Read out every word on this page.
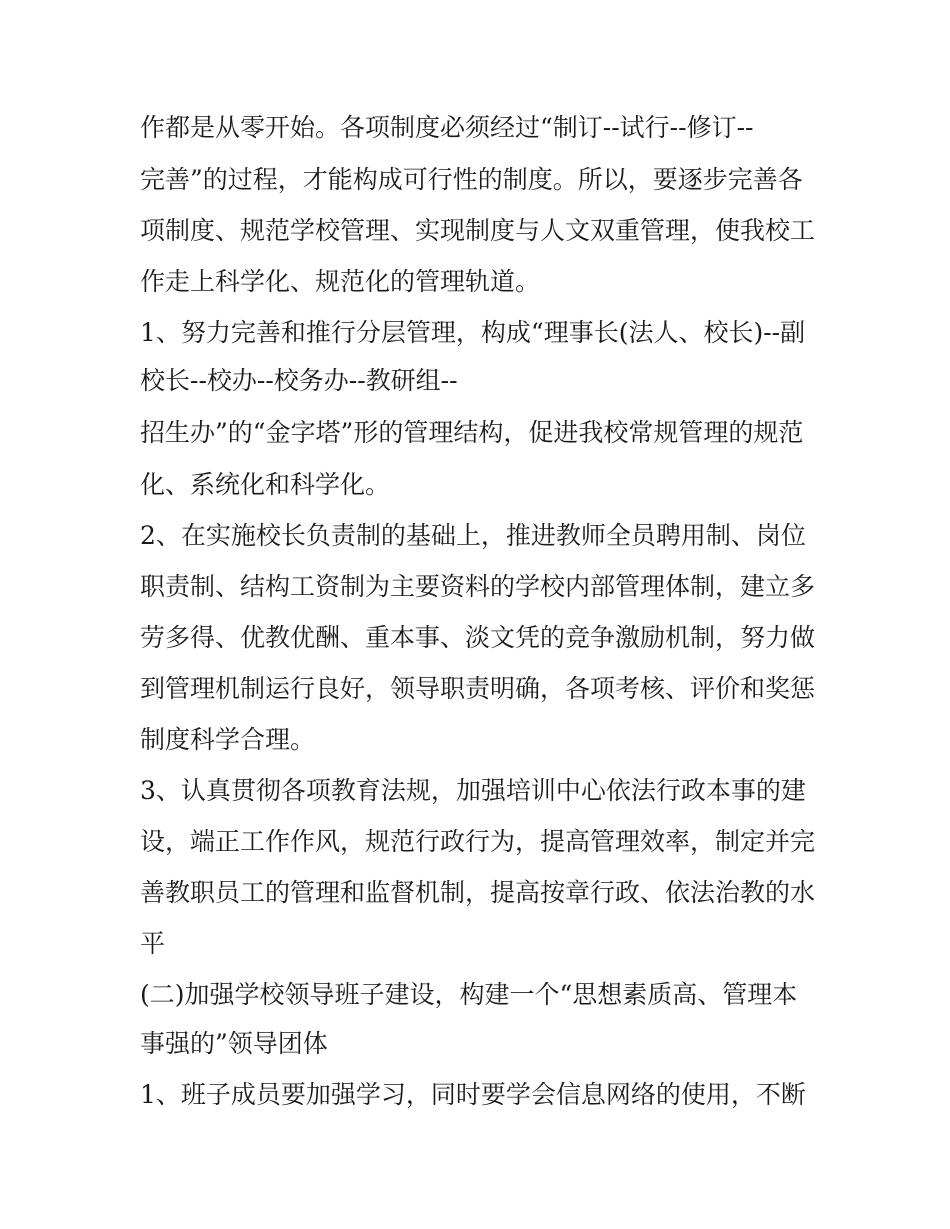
作都是从零开始。各项制度必须经过“制订--试行--修订--

完善”的过程，才能构成可行性的制度。所以，要逐步完善各

项制度、规范学校管理、实现制度与人文双重管理，使我校工

作走上科学化、规范化的管理轨道。

1、努力完善和推行分层管理，构成“理事长(法人、校长)--副

校长--校办--校务办--教研组--

招生办”的“金字塔”形的管理结构，促进我校常规管理的规范

化、系统化和科学化。

2、在实施校长负责制的基础上，推进教师全员聘用制、岗位

职责制、结构工资制为主要资料的学校内部管理体制，建立多

劳多得、优教优酬、重本事、淡文凭的竞争激励机制，努力做

到管理机制运行良好，领导职责明确，各项考核、评价和奖惩

制度科学合理。

3、认真贯彻各项教育法规，加强培训中心依法行政本事的建

设，端正工作作风，规范行政行为，提高管理效率，制定并完

善教职员工的管理和监督机制，提高按章行政、依法治教的水

平

(二)加强学校领导班子建设，构建一个“思想素质高、管理本

事强的”领导团体

1、班子成员要加强学习，同时要学会信息网络的使用，不断
